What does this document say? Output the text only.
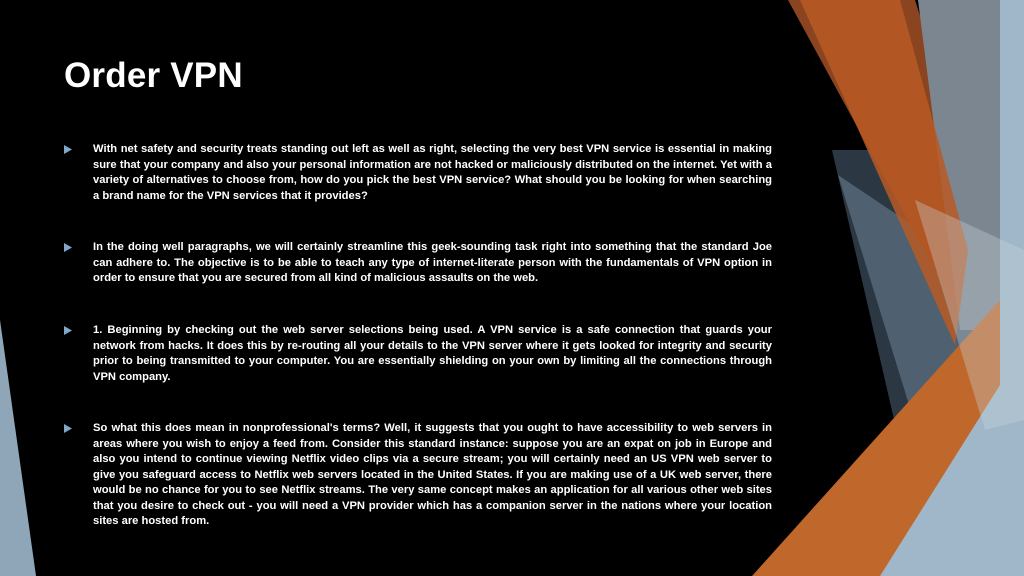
Order VPN

With net safety and security treats standing out left as well as right, selecting the very best VPN service is essential in making sure that your company and also your personal information are not hacked or maliciously distributed on the internet. Yet with a variety of alternatives to choose from, how do you pick the best VPN service? What should you be looking for when searching a brand name for the VPN services that it provides?

In the doing well paragraphs, we will certainly streamline this geek-sounding task right into something that the standard Joe can adhere to. The objective is to be able to teach any type of internet-literate person with the fundamentals of VPN option in order to ensure that you are secured from all kind of malicious assaults on the web.

1. Beginning by checking out the web server selections being used. A VPN service is a safe connection that guards your network from hacks. It does this by re-routing all your details to the VPN server where it gets looked for integrity and security prior to being transmitted to your computer. You are essentially shielding on your own by limiting all the connections through VPN company.

So what this does mean in nonprofessional's terms? Well, it suggests that you ought to have accessibility to web servers in areas where you wish to enjoy a feed from. Consider this standard instance: suppose you are an expat on job in Europe and also you intend to continue viewing Netflix video clips via a secure stream; you will certainly need an US VPN web server to give you safeguard access to Netflix web servers located in the United States. If you are making use of a UK web server, there would be no chance for you to see Netflix streams. The very same concept makes an application for all various other web sites that you desire to check out - you will need a VPN provider which has a companion server in the nations where your location sites are hosted from.
